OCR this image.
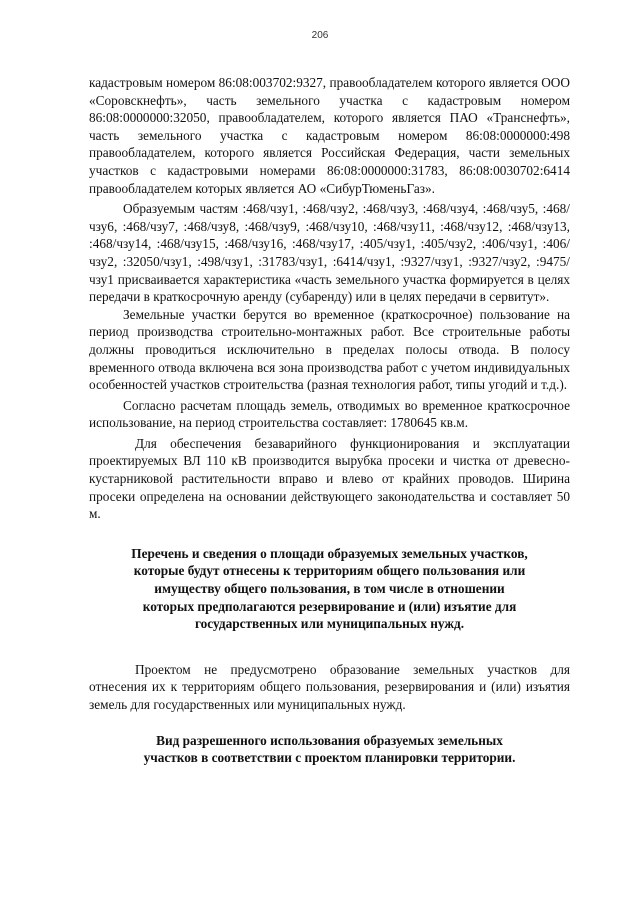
206

кадастровым номером 86:08:003702:9327, правообладателем которого является ООО «Соровскнефть», часть земельного участка с кадастровым номером 86:08:0000000:32050, правообладателем, которого является ПАО «Транснефть», часть земельного участка с кадастровым номером 86:08:0000000:498 правообладателем, которого является Российская Федерация, части земельных участков с кадастровыми номерами 86:08:0000000:31783, 86:08:0030702:6414 правообладателем которых является АО «СибурТюменьГаз».

Образуемым частям :468/чзу1, :468/чзу2, :468/чзу3, :468/чзу4, :468/чзу5, :468/чзу6, :468/чзу7, :468/чзу8, :468/чзу9, :468/чзу10, :468/чзу11, :468/чзу12, :468/чзу13, :468/чзу14, :468/чзу15, :468/чзу16, :468/чзу17, :405/чзу1, :405/чзу2, :406/чзу1, :406/чзу2, :32050/чзу1, :498/чзу1, :31783/чзу1, :6414/чзу1, :9327/чзу1, :9327/чзу2, :9475/чзу1 присваивается характеристика «часть земельного участка формируется в целях передачи в краткосрочную аренду (субаренду) или в целях передачи в сервитут».

Земельные участки берутся во временное (краткосрочное) пользование на период производства строительно-монтажных работ. Все строительные работы должны проводиться исключительно в пределах полосы отвода. В полосу временного отвода включена вся зона производства работ с учетом индивидуальных особенностей участков строительства (разная технология работ, типы угодий и т.д.).

Согласно расчетам площадь земель, отводимых во временное краткосрочное использование, на период строительства составляет: 1780645 кв.м.

Для обеспечения безаварийного функционирования и эксплуатации проектируемых ВЛ 110 кВ производится вырубка просеки и чистка от древесно-кустарниковой растительности вправо и влево от крайних проводов. Ширина просеки определена на основании действующего законодательства и составляет 50 м.

Перечень и сведения о площади образуемых земельных участков,

которые будут отнесены к территориям общего пользования или

имуществу общего пользования, в том числе в отношении

которых предполагаются резервирование и (или) изъятие для

государственных или муниципальных нужд.

Проектом не предусмотрено образование земельных участков для отнесения их к территориям общего пользования, резервирования и (или) изъятия земель для государственных или муниципальных нужд.

Вид разрешенного использования образуемых земельных

участков в соответствии с проектом планировки территории.
